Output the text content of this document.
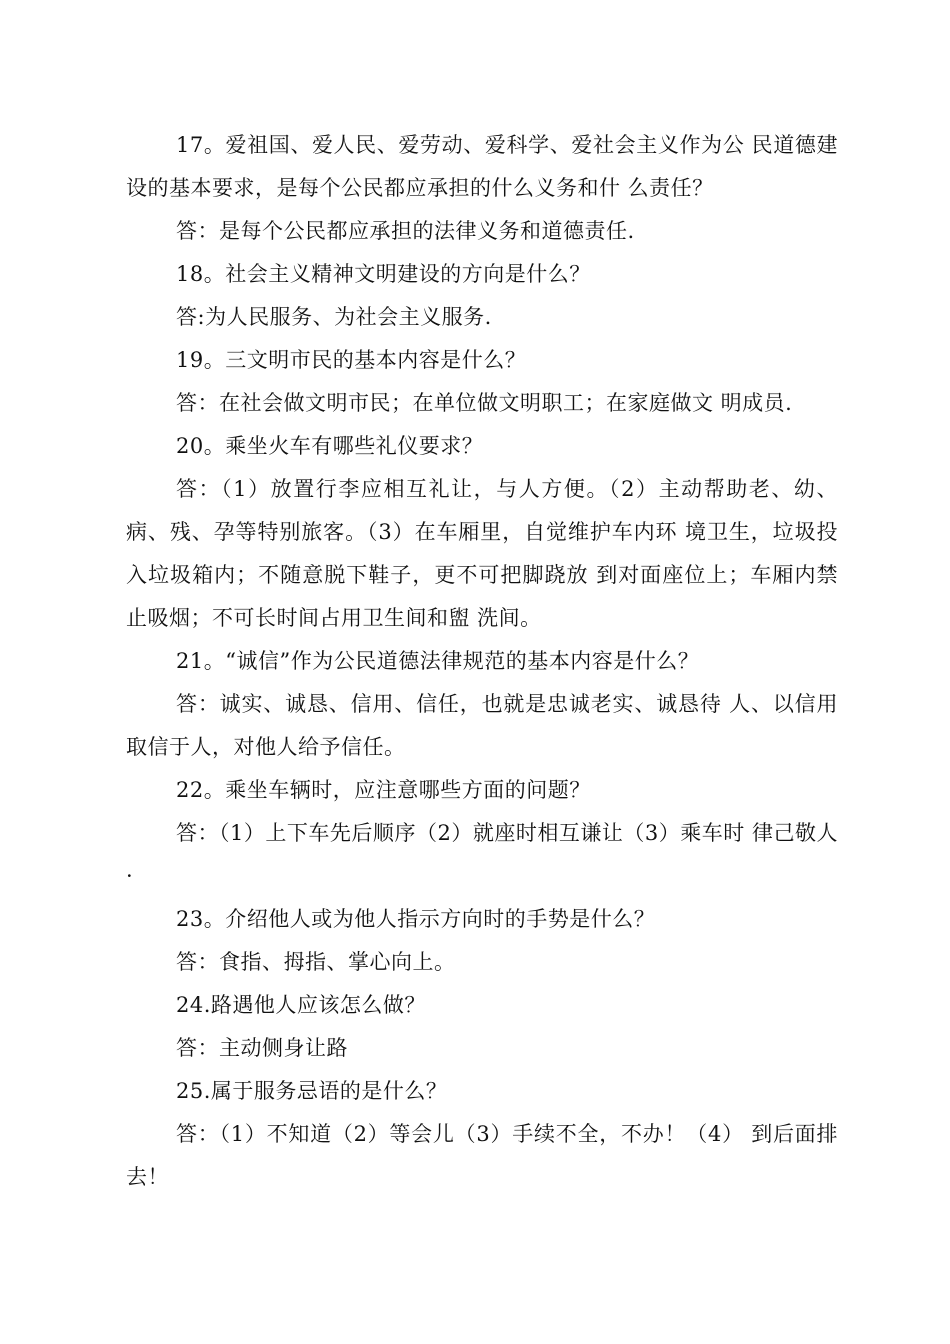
17。爱祖国、爱人民、爱劳动、爱科学、爱社会主义作为公 民道德建设的基本要求，是每个公民都应承担的什么义务和什 么责任？

答：是每个公民都应承担的法律义务和道德责任.

18。社会主义精神文明建设的方向是什么？

答:为人民服务、为社会主义服务.

19。三文明市民的基本内容是什么？

答：在社会做文明市民；在单位做文明职工；在家庭做文 明成员.

20。乘坐火车有哪些礼仪要求？

答：（1）放置行李应相互礼让，与人方便。（2）主动帮助老、幼、病、残、孕等特别旅客。（3）在车厢里，自觉维护车内环 境卫生，垃圾投入垃圾箱内；不随意脱下鞋子，更不可把脚跷放 到对面座位上；车厢内禁止吸烟；不可长时间占用卫生间和盥 洗间。

21。“诚信”作为公民道德法律规范的基本内容是什么？

答：诚实、诚恳、信用、信任，也就是忠诚老实、诚恳待 人、以信用取信于人，对他人给予信任。

22。乘坐车辆时，应注意哪些方面的问题？

答：（1）上下车先后顺序（2）就座时相互谦让（3）乘车时 律己敬人·

23。介绍他人或为他人指示方向时的手势是什么？

答：食指、拇指、掌心向上。

24.路遇他人应该怎么做？

答：主动侧身让路

25.属于服务忌语的是什么？

答：（1）不知道（2）等会儿（3）手续不全，不办！（4） 到后面排去！
